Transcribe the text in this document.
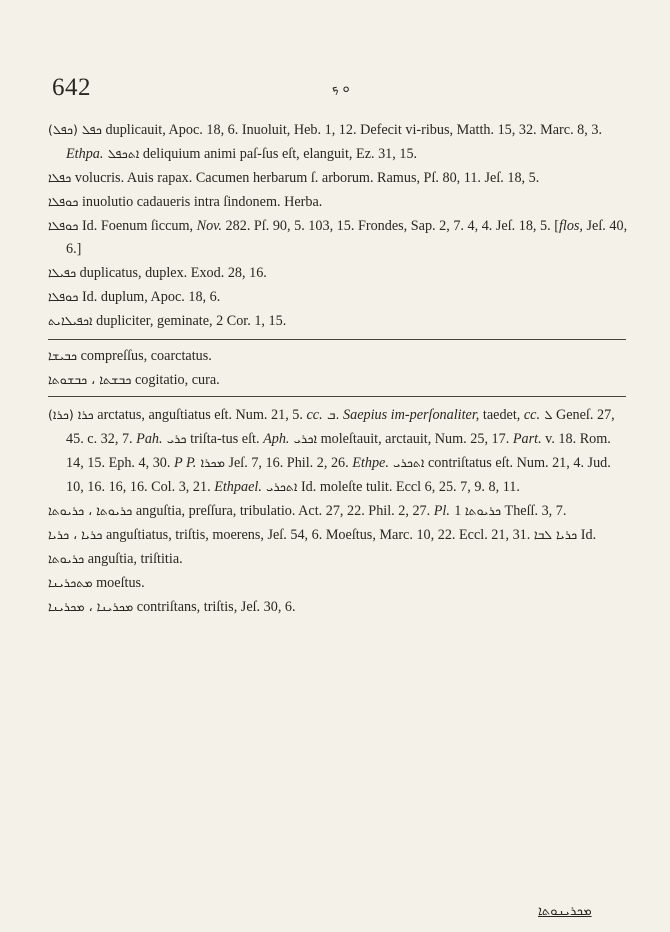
642	ܘ ܟ

(ܟܦܠ) ܟܦܠ duplicauit, Apoc. 18, 6. Inuoluit, Heb. 1, 12. Defecit vi-ribus, Matth. 15, 32. Marc. 8, 3. Ethpa. ܐܬܟܦܠ deliquium animi paſ-ſus eſt, elanguit, Ez. 31, 15.

ܟܦܠܐ volucris. Auis rapax. Cacumen herbarum ſ. arborum. Ramus, Pſ. 80, 11. Jeſ. 18, 5.

ܟܘܦܠܐ inuolutio cadaueris intra ſindonem. Herba.

ܟܘܦܠܐ Id. Foenum ſiccum, Nov. 282. Pſ. 90, 5. 103, 15. Frondes, Sap. 2, 7. 4, 4. Jeſ. 18, 5. [flos, Jeſ. 40, 6.]

ܟܦܝܠܐ duplicatus, duplex. Exod. 28, 16.

ܟܘܦܠܐ Id. duplum, Apoc. 18, 6.

ܐܟܦܝܠܐܝܬ dupliciter, geminate, 2 Cor. 1, 15.

ܟܒܝܫܐ compreſſus, coarctatus.

ܟܒܫܬܐ ، ܟܒܫܘܬܐ cogitatio, cura.

(ܟܪܐ) ܟܪܐ arctatus, anguſtiatus eſt. Num. 21, 5. cc. ܒ. Saepius im-perſonaliter, taedet, cc. ܠ Geneſ. 27, 45. c. 32, 7. Pah. ܟܪܝ triſta-tus eſt. Aph. ܐܟܪܝ moleſtauit, arctauit, Num. 25, 17. Part. v. 18. Rom. 14, 15. Eph. 4, 30. P P. ܡܟܪܐ Jeſ. 7, 16. Phil. 2, 26. Ethpe. ܐܬܟܪܝ contriſtatus eſt. Num. 21, 4. Jud. 10, 16. 16, 16. Col. 3, 21. Ethpael. ܐܬܟܪܝ Id. moleſte tulit. Eccl 6, 25. 7, 9. 8, 11.

ܟܪܝܘܬܐ ، ܟܪܝܘܬܐ anguſtia, preſſura, tribulatio. Act. 27, 22. Phil. 2, 27. Pl. ܟܪܝܘܬܐ 1 Theſſ. 3, 7.

ܟܪܝܐ ، ܟܪܝܐ anguſtiatus, triſtis, moerens, Jeſ. 54, 6. Moeſtus, Marc. 10, 22. Eccl. 21, 31. ܟܪܝܐ ܠܒܐ Id.

ܟܪܝܘܬܐ anguſtia, triſtitia.

ܡܬܟܪܝܢܐ moeſtus.

ܡܟܪܝܢܐ ، ܡܟܪܝܢܐ contriſtans, triſtis, Jeſ. 30, 6.

ܡܟܪܝܢܘܬܐ
